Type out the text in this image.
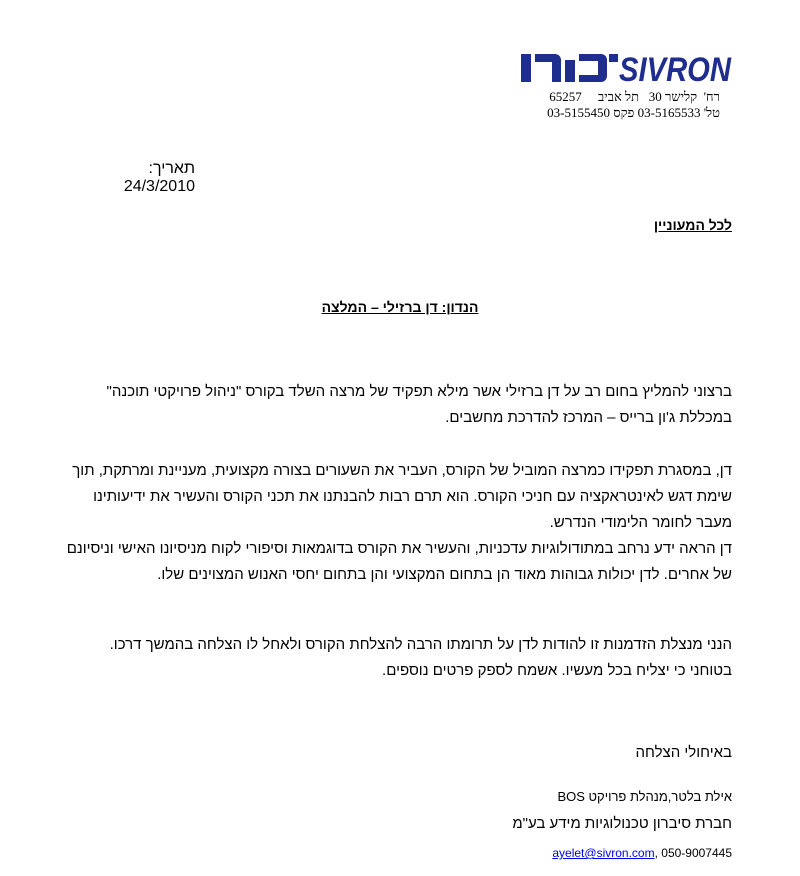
SIVRON
רח'  קלישר 30   תל אביב     65257
טל' 03-5165533 פקס 03-5155450
תאריך:    24/3/2010
לכל המעוניין
הנדון: דן ברזילי – המלצה

ברצוני להמליץ בחום רב על דן ברזילי אשר מילא תפקיד של מרצה השלד בקורס "ניהול פרויקטי תוכנה" במכללת ג'ון ברייס – המרכז להדרכת מחשבים.

דן, במסגרת תפקידו כמרצה המוביל של הקורס, העביר את השעורים בצורה מקצועית, מעניינת ומרתקת, תוך שימת דגש לאינטראקציה עם חניכי הקורס. הוא תרם רבות להבנתנו את תכני הקורס והעשיר את ידיעותינו מעבר לחומר הלימודי הנדרש.

דן הראה ידע נרחב במתודולוגיות עדכניות, והעשיר את הקורס בדוגמאות וסיפורי לקוח מניסיונו האישי וניסיונם של אחרים. לדן יכולות גבוהות מאוד הן בתחום המקצועי והן בתחום יחסי האנוש המצוינים שלו.

הנני מנצלת הזדמנות זו להודות לדן על תרומתו הרבה להצלחת הקורס ולאחל לו הצלחה בהמשך דרכו.

בטוחני כי יצליח בכל מעשיו. אשמח לספק פרטים נוספים.

באיחולי הצלחה
אילת בלטר,מנהלת פרויקט BOS
חברת סיברון טכנולוגיות מידע בע"מ
ayelet@sivron.com, 050-9007445
